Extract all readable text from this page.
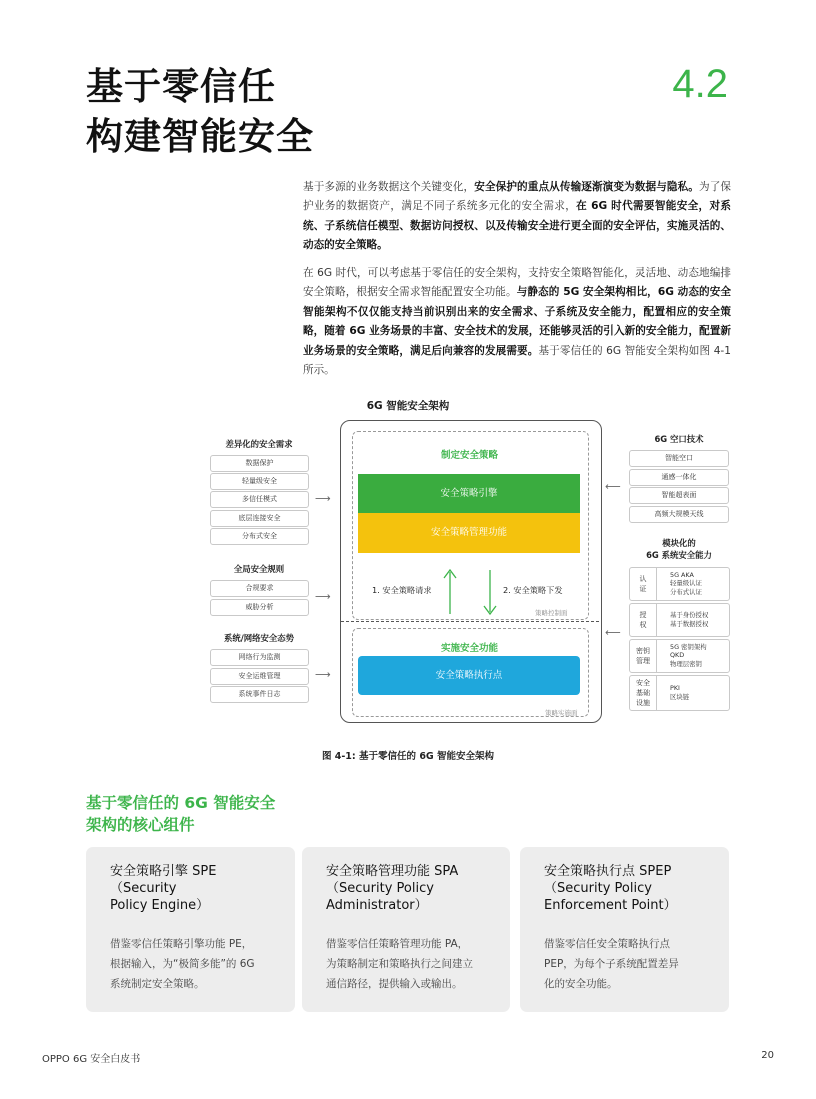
基于零信任
构建智能安全
4.2
基于多源的业务数据这个关键变化，安全保护的重点从传输逐渐演变为数据与隐私。为了保护业务的数据资产，满足不同子系统多元化的安全需求，在 6G 时代需要智能安全，对系统、子系统信任模型、数据访问授权、以及传输安全进行更全面的安全评估，实施灵活的、动态的安全策略。
在 6G 时代，可以考虑基于零信任的安全架构，支持安全策略智能化，灵活地、动态地编排安全策略，根据安全需求智能配置安全功能。与静态的 5G 安全架构相比，6G 动态的安全智能架构不仅仅能支持当前识别出来的安全需求、子系统及安全能力，配置相应的安全策略，随着 6G 业务场景的丰富、安全技术的发展，还能够灵活的引入新的安全能力，配置新业务场景的安全策略，满足后向兼容的发展需要。基于零信任的 6G 智能安全架构如图 4-1 所示。
6G 智能安全架构
差异化的安全需求
数据保护
轻量级安全
多信任模式
底层连接安全
分布式安全
⟶
全局安全规则
合规要求
威胁分析
⟶
系统/网络安全态势
网络行为监测
安全运维管理
系统事件日志
⟶
制定安全策略
安全策略引擎
安全策略管理功能
1. 安全策略请求	2. 安全策略下发
策略控制面
实施安全功能
安全策略执行点
策略实施面
6G 空口技术
智能空口
通感一体化
智能超表面
高频大规模天线
⟵
模块化的
6G 系统安全能力
认
证
5G AKA
轻量级认证
分布式认证
授
权
基于身份授权
基于数据授权
密钥
管理
5G 密钥架构
QKD
物理层密钥
安全
基础
设施
PKI
区块链
⟵
图 4-1: 基于零信任的 6G 智能安全架构
基于零信任的 6G 智能安全
架构的核心组件
安全策略引擎 SPE
（Security
Policy Engine）
借鉴零信任策略引擎功能 PE，
根据输入，为“极简多能”的 6G
系统制定安全策略。
安全策略管理功能 SPA
（Security Policy
Administrator）
借鉴零信任策略管理功能 PA，
为策略制定和策略执行之间建立
通信路径，提供输入或输出。
安全策略执行点 SPEP
（Security Policy
Enforcement Point）
借鉴零信任安全策略执行点
PEP，为每个子系统配置差异
化的安全功能。
OPPO 6G 安全白皮书	20
